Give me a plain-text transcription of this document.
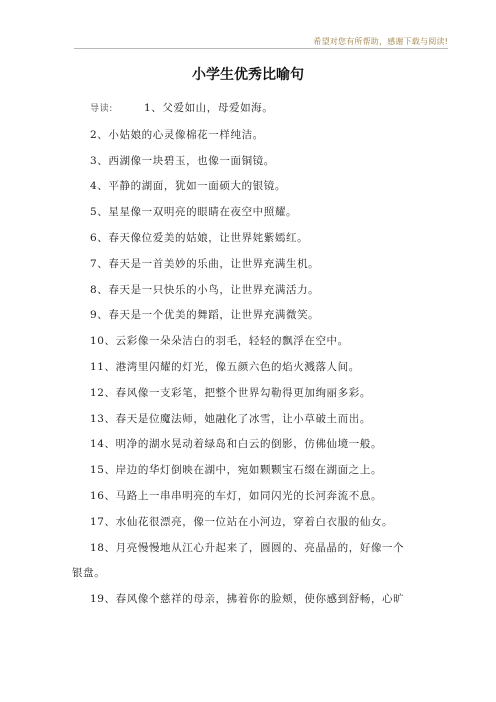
希望对您有所帮助，感谢下载与阅读!
小学生优秀比喻句
导读:	1、父爱如山，母爱如海。
2、小姑娘的心灵像棉花一样纯洁。
3、西湖像一块碧玉，也像一面铜镜。
4、平静的湖面，犹如一面硕大的银镜。
5、星星像一双明亮的眼睛在夜空中照耀。
6、春天像位爱美的姑娘，让世界姹紫嫣红。
7、春天是一首美妙的乐曲，让世界充满生机。
8、春天是一只快乐的小鸟，让世界充满活力。
9、春天是一个优美的舞蹈，让世界充满微笑。
10、云彩像一朵朵洁白的羽毛，轻轻的飘浮在空中。
11、港湾里闪耀的灯光，像五颜六色的焰火溅落人间。
12、春风像一支彩笔，把整个世界勾勒得更加绚丽多彩。
13、春天是位魔法师，她融化了冰雪，让小草破土而出。
14、明净的湖水晃动着绿岛和白云的倒影，仿佛仙境一般。
15、岸边的华灯倒映在湖中，宛如颗颗宝石缀在湖面之上。
16、马路上一串串明亮的车灯，如同闪光的长河奔流不息。
17、水仙花很漂亮，像一位站在小河边，穿着白衣服的仙女。
18、月亮慢慢地从江心升起来了，圆圆的、亮晶晶的，好像一个
银盘。
19、春风像个慈祥的母亲，拂着你的脸颊，使你感到舒畅，心旷
